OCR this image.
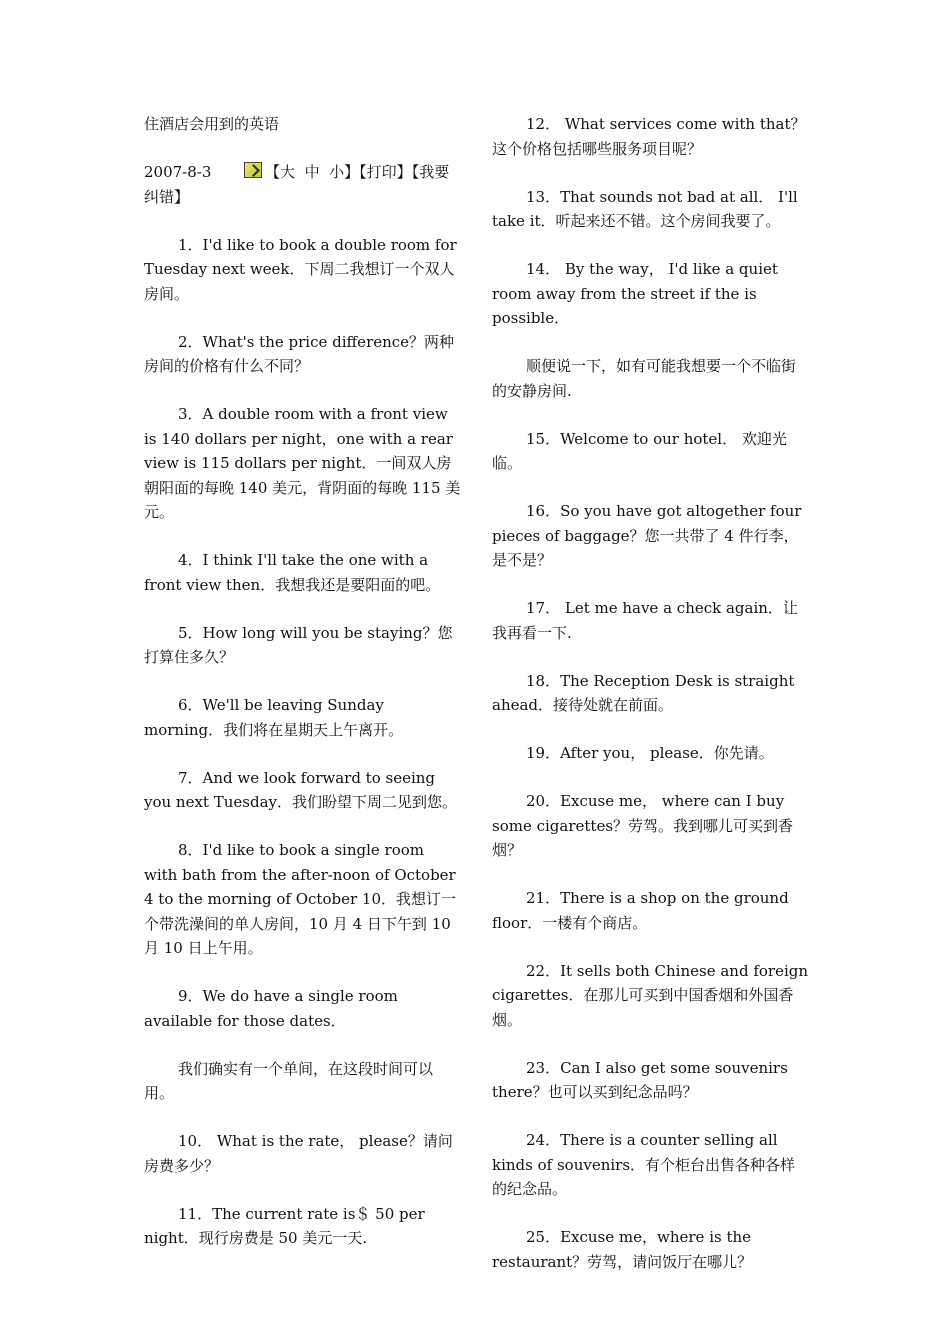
住酒店会用到的英语

2007-8-3	【大 中 小】【打印】【我要纠错】

1．I'd like to book a double room for Tuesday next week．下周二我想订一个双人房间。

2．What's the price difference？两种房间的价格有什么不同？

3．A double room with a front view is 140 dollars per night，one with a rear view is 115 dollars per night．一间双人房朝阳面的每晚 140 美元，背阴面的每晚 115 美元。

4．I think I'll take the one with a front view then．我想我还是要阳面的吧。

5．How long will you be staying？您打算住多久？

6．We'll be leaving Sunday morning．我们将在星期天上午离开。

7．And we look forward to seeing you next Tuesday．我们盼望下周二见到您。

8．I'd like to book a single room with bath from the after-noon of October 4 to the morning of October 10．我想订一个带洗澡间的单人房间，10 月 4 日下午到 10 月 10 日上午用。

9．We do have a single room available for those dates．

我们确实有一个单间，在这段时间可以用。

10． What is the rate， please？请问房费多少？

11．The current rate is＄ 50 per night．现行房费是 50 美元一天.

12． What services come with that？这个价格包括哪些服务项目呢？

13．That sounds not bad at all． I'll take it．听起来还不错。这个房间我要了。

14． By the way， I'd like a quiet room away from the street if the is possible．

顺便说一下，如有可能我想要一个不临街的安静房间.

15．Welcome to our hotel． 欢迎光临。

16．So you have got altogether four pieces of baggage？您一共带了 4 件行李，是不是？

17． Let me have a check again．让我再看一下.

18．The Reception Desk is straight ahead．接待处就在前面。

19．After you， please．你先请。

20．Excuse me， where can I buy some cigarettes？劳驾。我到哪儿可买到香烟？

21．There is a shop on the ground floor．一楼有个商店。

22．It sells both Chinese and foreign cigarettes．在那儿可买到中国香烟和外国香烟。

23．Can I also get some souvenirs there？也可以买到纪念品吗？

24．There is a counter selling all kinds of souvenirs．有个柜台出售各种各样的纪念品。

25．Excuse me，where is the restaurant？劳驾，请问饭厅在哪儿？
